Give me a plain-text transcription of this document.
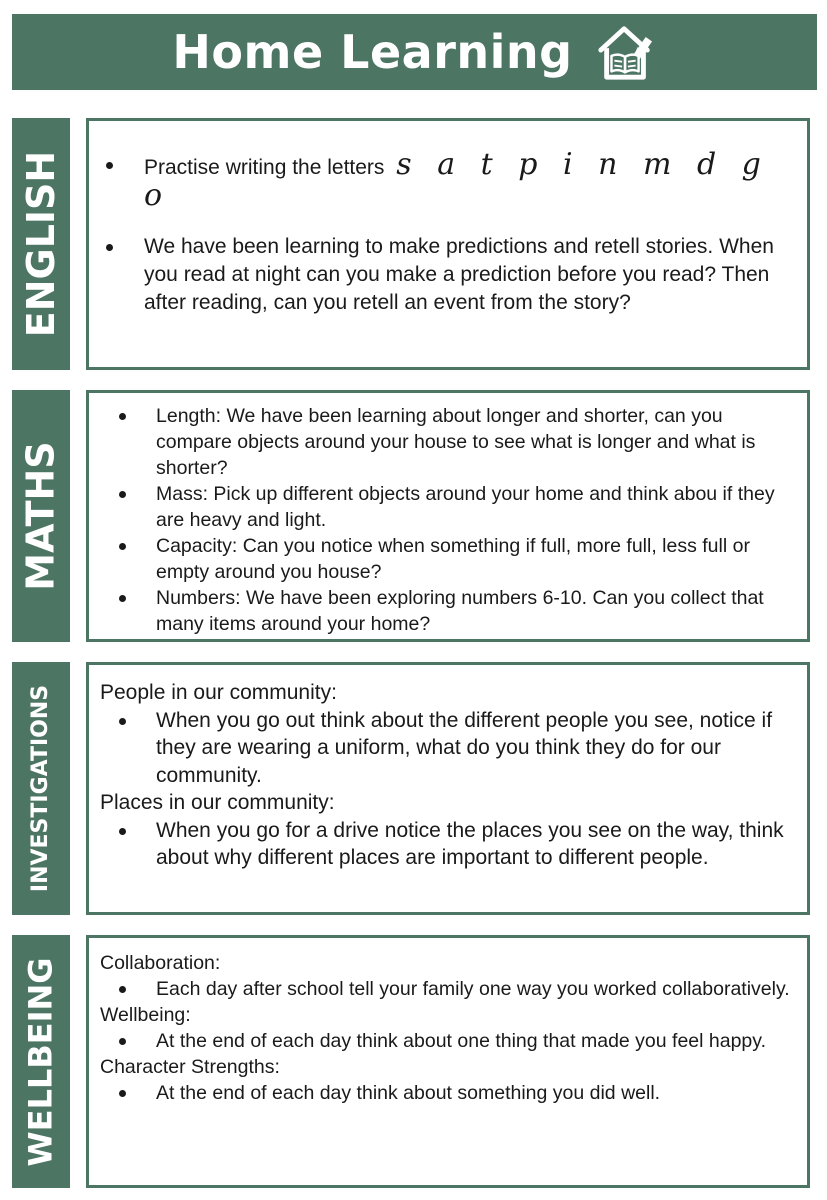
Home Learning
ENGLISH	Practise writing the letters s a t p i n m d g o
We have been learning to make predictions and retell stories. When you read at night can you make a prediction before you read? Then after reading, can you retell an event from the story?
MATHS
Length: We have been learning about longer and shorter, can you compare objects around your house to see what is longer and what is shorter?
Mass: Pick up different objects around your home and think abou if they are heavy and light.
Capacity: Can you notice when something if full, more full, less full or empty around you house?
Numbers: We have been exploring numbers 6-10. Can you collect that many items around your home?
INVESTIGATIONS People in our community:
When you go out think about the different people you see, notice if they are wearing a uniform, what do you think they do for our community.
Places in our community:
When you go for a drive notice the places you see on the way, think about why different places are important to different people.
WELLBEING Collaboration:
Each day after school tell your family one way you worked collaboratively.
Wellbeing:
At the end of each day think about one thing that made you feel happy.
Character Strengths:
At the end of each day think about something you did well.
